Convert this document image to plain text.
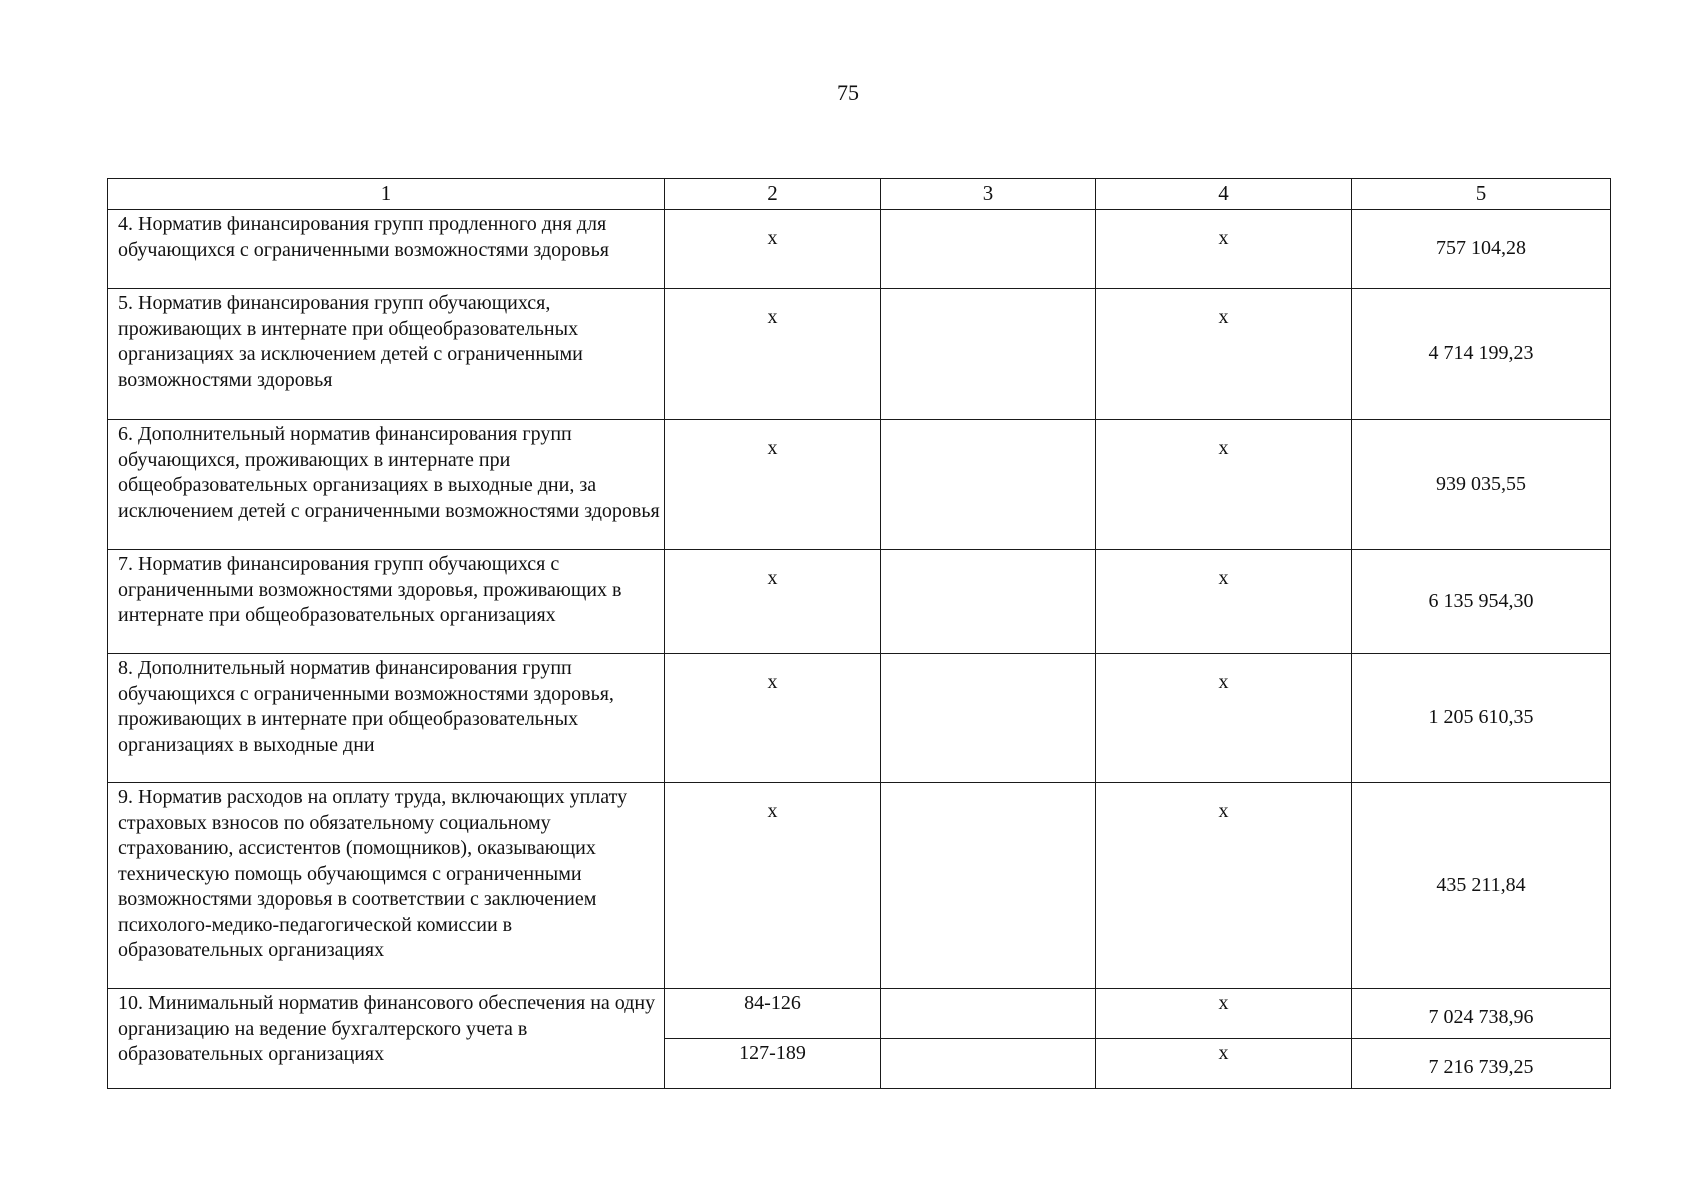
75
1	2	3	4	5
4. Норматив финансирования групп продленного дня для обучающихся с ограниченными возможностями здоровья	х		х	757 104,28
5. Норматив финансирования групп обучающихся, проживающих в интернате при общеобразовательных организациях за исключением детей с ограниченными возможностями здоровья	х		х	4 714 199,23
6. Дополнительный норматив финансирования групп обучающихся, проживающих в интернате при общеобразовательных организациях в выходные дни, за исключением детей с ограниченными возможностями здоровья	х		х	939 035,55
7. Норматив финансирования групп обучающихся с ограниченными возможностями здоровья, проживающих в интернате при общеобразовательных организациях	х		х	6 135 954,30
8. Дополнительный норматив финансирования групп обучающихся с ограниченными возможностями здоровья, проживающих в интернате при общеобразовательных организациях в выходные дни	х		х	1 205 610,35
9. Норматив расходов на оплату труда, включающих уплату страховых взносов по обязательному социальному страхованию, ассистентов (помощников), оказывающих техническую помощь обучающимся с ограниченными возможностями здоровья в соответствии с заключением психолого-медико-педагогической комиссии в образовательных организациях	х		х	435 211,84
10. Минимальный норматив финансового обеспечения на одну организацию на ведение бухгалтерского учета в образовательных организациях	84-126		х	7 024 738,96
	127-189		х	7 216 739,25
